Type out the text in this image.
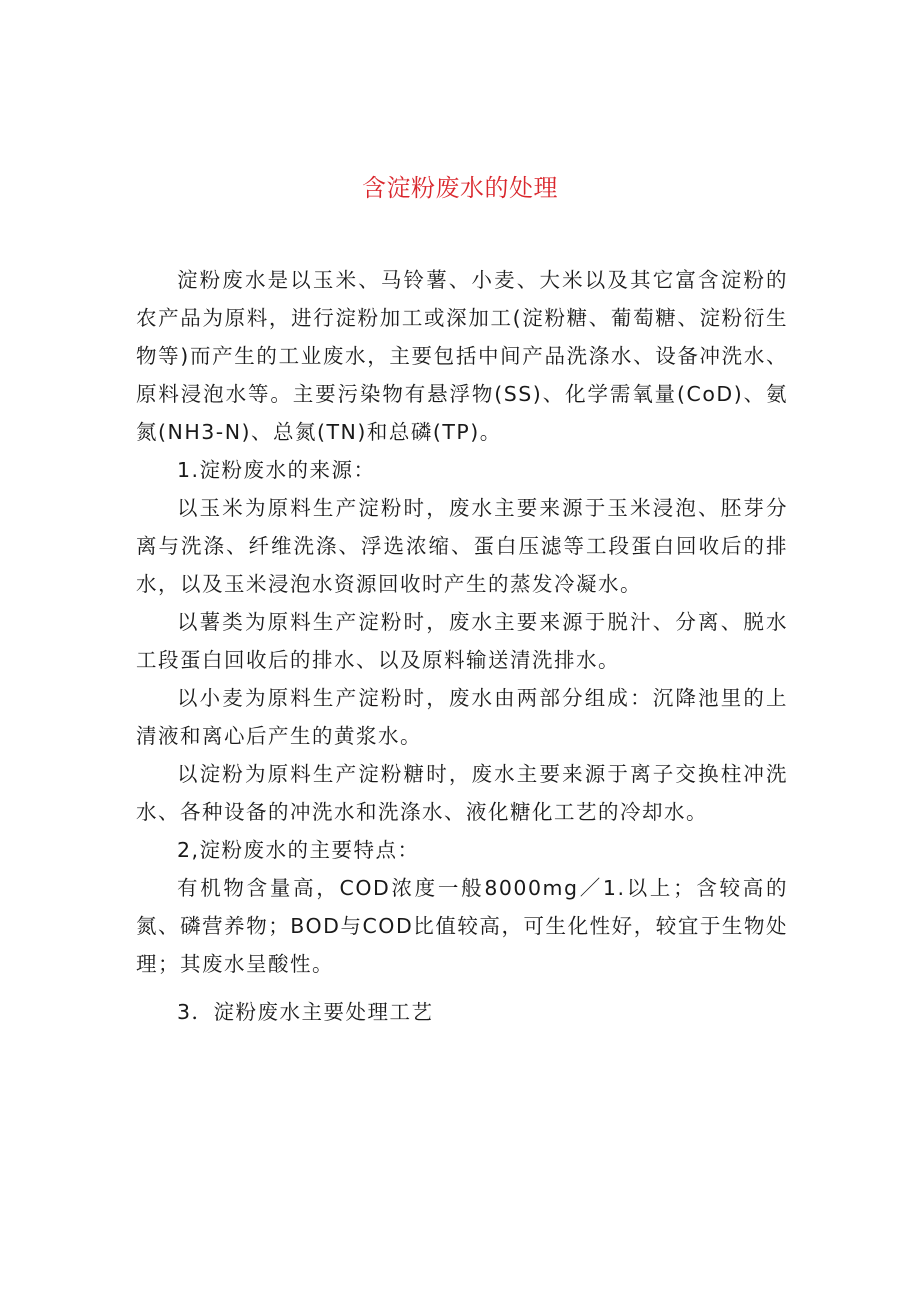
含淀粉废水的处理

淀粉废水是以玉米、马铃薯、小麦、大米以及其它富含淀粉的农产品为原料，进行淀粉加工或深加工(淀粉糖、葡萄糖、淀粉衍生物等)而产生的工业废水，主要包括中间产品洗涤水、设备冲洗水、原料浸泡水等。主要污染物有悬浮物(SS)、化学需氧量(CoD)、氨氮(NH3-N)、总氮(TN)和总磷(TP)。

1.淀粉废水的来源：

以玉米为原料生产淀粉时，废水主要来源于玉米浸泡、胚芽分离与洗涤、纤维洗涤、浮选浓缩、蛋白压滤等工段蛋白回收后的排水，以及玉米浸泡水资源回收时产生的蒸发冷凝水。

以薯类为原料生产淀粉时，废水主要来源于脱汁、分离、脱水工段蛋白回收后的排水、以及原料输送清洗排水。

以小麦为原料生产淀粉时，废水由两部分组成：沉降池里的上清液和离心后产生的黄浆水。

以淀粉为原料生产淀粉糖时，废水主要来源于离子交换柱冲洗水、各种设备的冲洗水和洗涤水、液化糖化工艺的冷却水。

2,淀粉废水的主要特点：

有机物含量高，COD浓度一般8000mg／1.以上；含较高的氮、磷营养物；BOD与COD比值较高，可生化性好，较宜于生物处理；其废水呈酸性。

3．淀粉废水主要处理工艺
